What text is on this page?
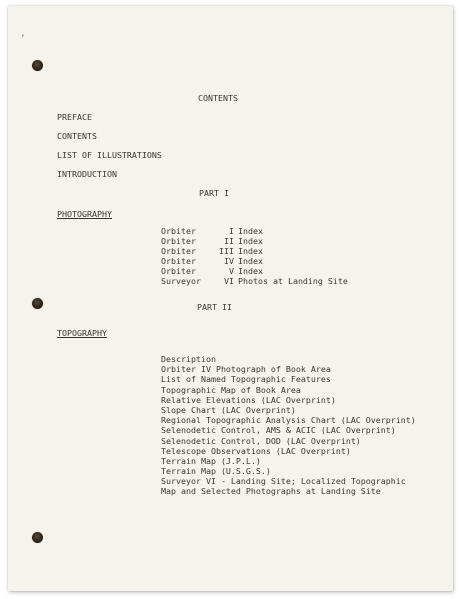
ʼ

CONTENTS

PREFACE

CONTENTS

LIST OF ILLUSTRATIONS

INTRODUCTION

PART I

PHOTOGRAPHY

Orbiter	I Index
Orbiter	II Index
Orbiter	III Index
Orbiter	IV Index
Orbiter	V Index
Surveyor	VI Photos at Landing Site

PART II

TOPOGRAPHY

Description
Orbiter IV Photograph of Book Area
List of Named Topographic Features
Topographic Map of Book Area
Relative Elevations (LAC Overprint)
Slope Chart (LAC Overprint)
Regional Topographic Analysis Chart (LAC Overprint)
Selenodetic Control, AMS & ACIC (LAC Overprint)
Selenodetic Control, DOD (LAC Overprint)
Telescope Observations (LAC Overprint)
Terrain Map (J.P.L.)
Terrain Map (U.S.G.S.)
Surveyor VI - Landing Site; Localized Topographic
Map and Selected Photographs at Landing Site
